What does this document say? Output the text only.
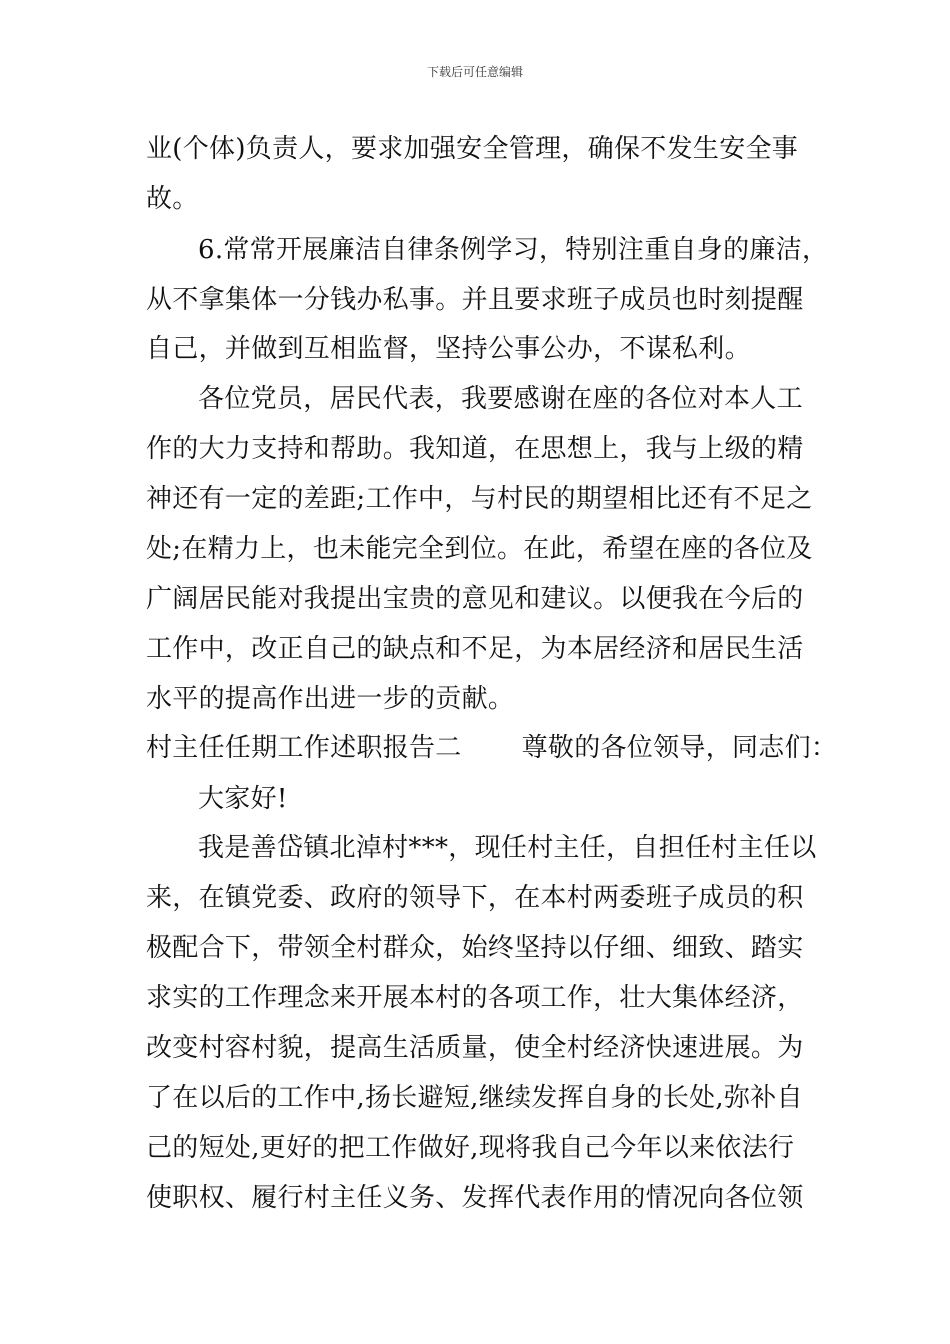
下载后可任意编辑
业(个体)负责人，要求加强安全管理，确保不发生安全事
故。
6.常常开展廉洁自律条例学习，特别注重自身的廉洁，
从不拿集体一分钱办私事。并且要求班子成员也时刻提醒
自己，并做到互相监督，坚持公事公办，不谋私利。
各位党员，居民代表，我要感谢在座的各位对本人工
作的大力支持和帮助。我知道，在思想上，我与上级的精
神还有一定的差距;工作中，与村民的期望相比还有不足之
处;在精力上，也未能完全到位。在此，希望在座的各位及
广阔居民能对我提出宝贵的意见和建议。以便我在今后的
工作中，改正自己的缺点和不足，为本居经济和居民生活
水平的提高作出进一步的贡献。
村主任任期工作述职报告二 尊敬的各位领导，同志们：
大家好!
我是善岱镇北淖村***，现任村主任，自担任村主任以
来，在镇党委、政府的领导下，在本村两委班子成员的积
极配合下，带领全村群众，始终坚持以仔细、细致、踏实
求实的工作理念来开展本村的各项工作，壮大集体经济，
改变村容村貌，提高生活质量，使全村经济快速进展。为
了在以后的工作中,扬长避短,继续发挥自身的长处,弥补自
己的短处,更好的把工作做好,现将我自己今年以来依法行
使职权、履行村主任义务、发挥代表作用的情况向各位领
